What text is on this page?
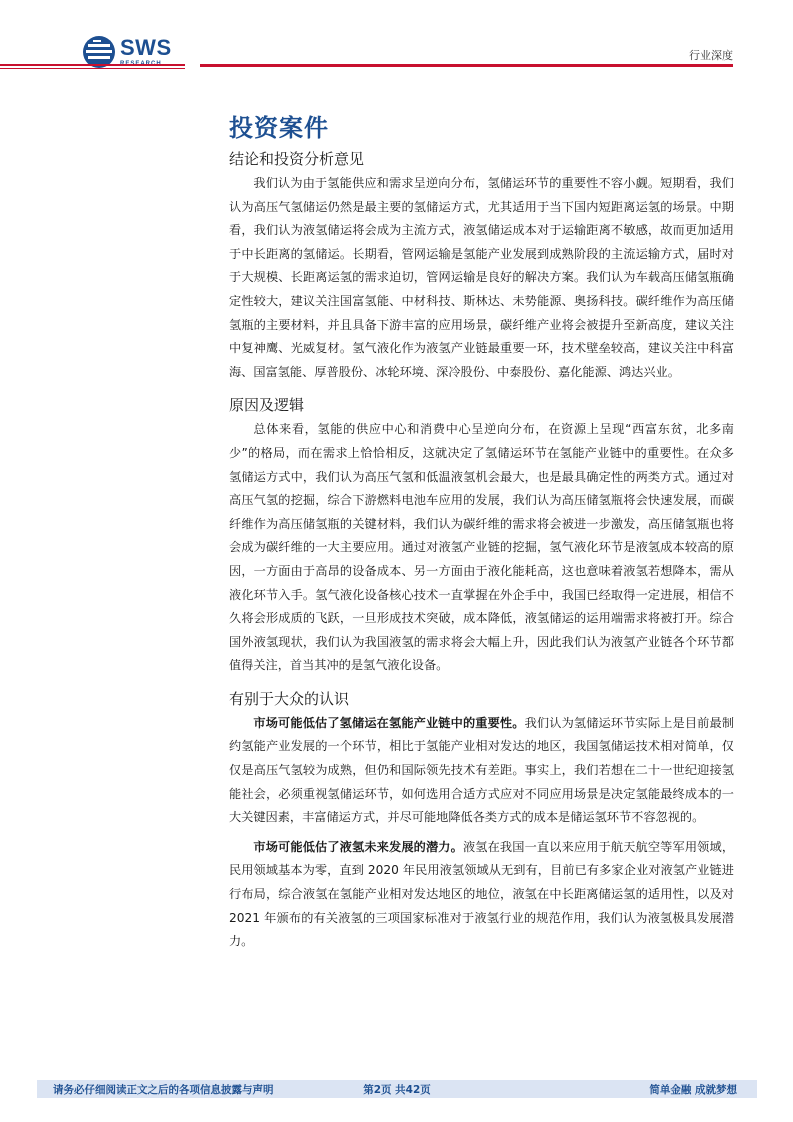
SWS	行业深度
投资案件
结论和投资分析意见

我们认为由于氢能供应和需求呈逆向分布，氢储运环节的重要性不容小觑。短期看，我们认为高压气氢储运仍然是最主要的氢储运方式，尤其适用于当下国内短距离运氢的场景。中期看，我们认为液氢储运将会成为主流方式，液氢储运成本对于运输距离不敏感，故而更加适用于中长距离的氢储运。长期看，管网运输是氢能产业发展到成熟阶段的主流运输方式，届时对于大规模、长距离运氢的需求迫切，管网运输是良好的解决方案。我们认为车载高压储氢瓶确定性较大，建议关注国富氢能、中材科技、斯林达、未势能源、奥扬科技。碳纤维作为高压储氢瓶的主要材料，并且具备下游丰富的应用场景，碳纤维产业将会被提升至新高度，建议关注中复神鹰、光威复材。氢气液化作为液氢产业链最重要一环，技术壁垒较高，建议关注中科富海、国富氢能、厚普股份、冰轮环境、深冷股份、中泰股份、嘉化能源、鸿达兴业。

原因及逻辑

总体来看，氢能的供应中心和消费中心呈逆向分布，在资源上呈现“西富东贫，北多南少”的格局，而在需求上恰恰相反，这就决定了氢储运环节在氢能产业链中的重要性。在众多氢储运方式中，我们认为高压气氢和低温液氢机会最大，也是最具确定性的两类方式。通过对高压气氢的挖掘，综合下游燃料电池车应用的发展，我们认为高压储氢瓶将会快速发展，而碳纤维作为高压储氢瓶的关键材料，我们认为碳纤维的需求将会被进一步激发，高压储氢瓶也将会成为碳纤维的一大主要应用。通过对液氢产业链的挖掘，氢气液化环节是液氢成本较高的原因，一方面由于高昂的设备成本、另一方面由于液化能耗高，这也意味着液氢若想降本，需从液化环节入手。氢气液化设备核心技术一直掌握在外企手中，我国已经取得一定进展，相信不久将会形成质的飞跃，一旦形成技术突破，成本降低，液氢储运的运用端需求将被打开。综合国外液氢现状，我们认为我国液氢的需求将会大幅上升，因此我们认为液氢产业链各个环节都值得关注，首当其冲的是氢气液化设备。

有别于大众的认识

市场可能低估了氢储运在氢能产业链中的重要性。我们认为氢储运环节实际上是目前最制约氢能产业发展的一个环节，相比于氢能产业相对发达的地区，我国氢储运技术相对简单，仅仅是高压气氢较为成熟，但仍和国际领先技术有差距。事实上，我们若想在二十一世纪迎接氢能社会，必须重视氢储运环节，如何选用合适方式应对不同应用场景是决定氢能最终成本的一大关键因素，丰富储运方式，并尽可能地降低各类方式的成本是储运氢环节不容忽视的。

市场可能低估了液氢未来发展的潜力。液氢在我国一直以来应用于航天航空等军用领域，民用领域基本为零，直到 2020 年民用液氢领域从无到有，目前已有多家企业对液氢产业链进行布局，综合液氢在氢能产业相对发达地区的地位，液氢在中长距离储运氢的适用性，以及对 2021 年颁布的有关液氢的三项国家标准对于液氢行业的规范作用，我们认为液氢极具发展潜力。

请务必仔细阅读正文之后的各项信息披露与声明	第2页 共42页	简单金融 成就梦想
